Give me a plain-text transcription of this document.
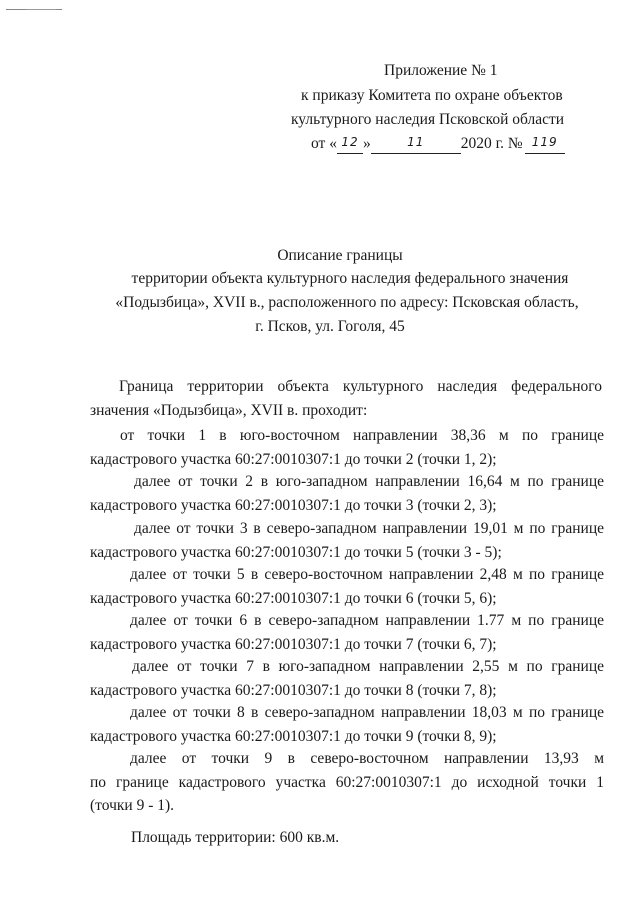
Приложение № 1
к приказу Комитета по охране объектов
культурного наследия Псковской области
от « 12 »	11 2020 г. № 119
Описание границы
территории объекта культурного наследия федерального значения
«Подызбица», XVII в., расположенного по адресу: Псковская область,
г. Псков, ул. Гоголя, 45
Граница территории объекта культурного наследия федерального
значения «Подызбица», XVII в. проходит:
от точки 1 в юго-восточном направлении 38,36 м по границе
кадастрового участка 60:27:0010307:1 до точки 2 (точки 1, 2);
далее от точки 2 в юго-западном направлении 16,64 м по границе
кадастрового участка 60:27:0010307:1 до точки 3 (точки 2, 3);
далее от точки 3 в северо-западном направлении 19,01 м по границе
кадастрового участка 60:27:0010307:1 до точки 5 (точки 3 - 5);
далее от точки 5 в северо-восточном направлении 2,48 м по границе
кадастрового участка 60:27:0010307:1 до точки 6 (точки 5, 6);
далее от точки 6 в северо-западном направлении 1.77 м по границе
кадастрового участка 60:27:0010307:1 до точки 7 (точки 6, 7);
далее от точки 7 в юго-западном направлении 2,55 м по границе
кадастрового участка 60:27:0010307:1 до точки 8 (точки 7, 8);
далее от точки 8 в северо-западном направлении 18,03 м по границе
кадастрового участка 60:27:0010307:1 до точки 9 (точки 8, 9);
далее от точки 9 в северо-восточном направлении 13,93 м
по границе кадастрового участка 60:27:0010307:1 до исходной точки 1
(точки 9 - 1).
Площадь территории: 600 кв.м.
